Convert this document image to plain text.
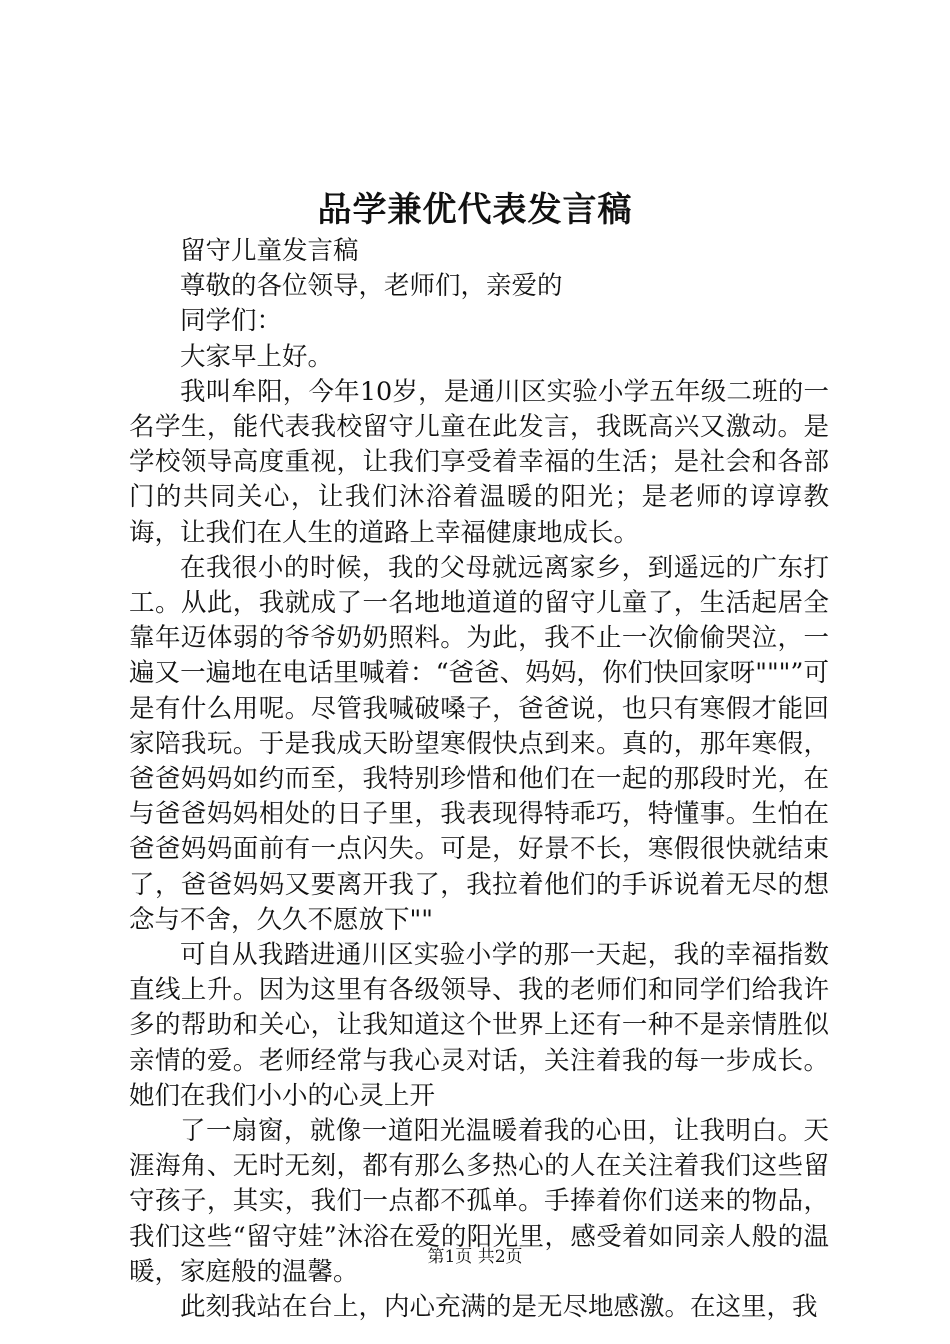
品学兼优代表发言稿

留守儿童发言稿

尊敬的各位领导，老师们，亲爱的

同学们：

大家早上好。

我叫牟阳，今年10岁，是通川区实验小学五年级二班的一名学生，能代表我校留守儿童在此发言，我既高兴又激动。是学校领导高度重视，让我们享受着幸福的生活；是社会和各部门的共同关心，让我们沐浴着温暖的阳光；是老师的谆谆教诲，让我们在人生的道路上幸福健康地成长。

在我很小的时候，我的父母就远离家乡，到遥远的广东打工。从此，我就成了一名地地道道的留守儿童了，生活起居全靠年迈体弱的爷爷奶奶照料。为此，我不止一次偷偷哭泣，一遍又一遍地在电话里喊着：“爸爸、妈妈，你们快回家呀"""”可是有什么用呢。尽管我喊破嗓子，爸爸说，也只有寒假才能回家陪我玩。于是我成天盼望寒假快点到来。真的，那年寒假，爸爸妈妈如约而至，我特别珍惜和他们在一起的那段时光，在与爸爸妈妈相处的日子里，我表现得特乖巧，特懂事。生怕在爸爸妈妈面前有一点闪失。可是，好景不长，寒假很快就结束了，爸爸妈妈又要离开我了，我拉着他们的手诉说着无尽的想念与不舍，久久不愿放下""

可自从我踏进通川区实验小学的那一天起，我的幸福指数直线上升。因为这里有各级领导、我的老师们和同学们给我许多的帮助和关心，让我知道这个世界上还有一种不是亲情胜似亲情的爱。老师经常与我心灵对话，关注着我的每一步成长。她们在我们小小的心灵上开

了一扇窗，就像一道阳光温暖着我的心田，让我明白。天涯海角、无时无刻，都有那么多热心的人在关注着我们这些留守孩子，其实，我们一点都不孤单。手捧着你们送来的物品，我们这些“留守娃”沐浴在爱的阳光里，感受着如同亲人般的温暖，家庭般的温馨。

此刻我站在台上，内心充满的是无尽地感激。在这里，我

第1页 共2页
